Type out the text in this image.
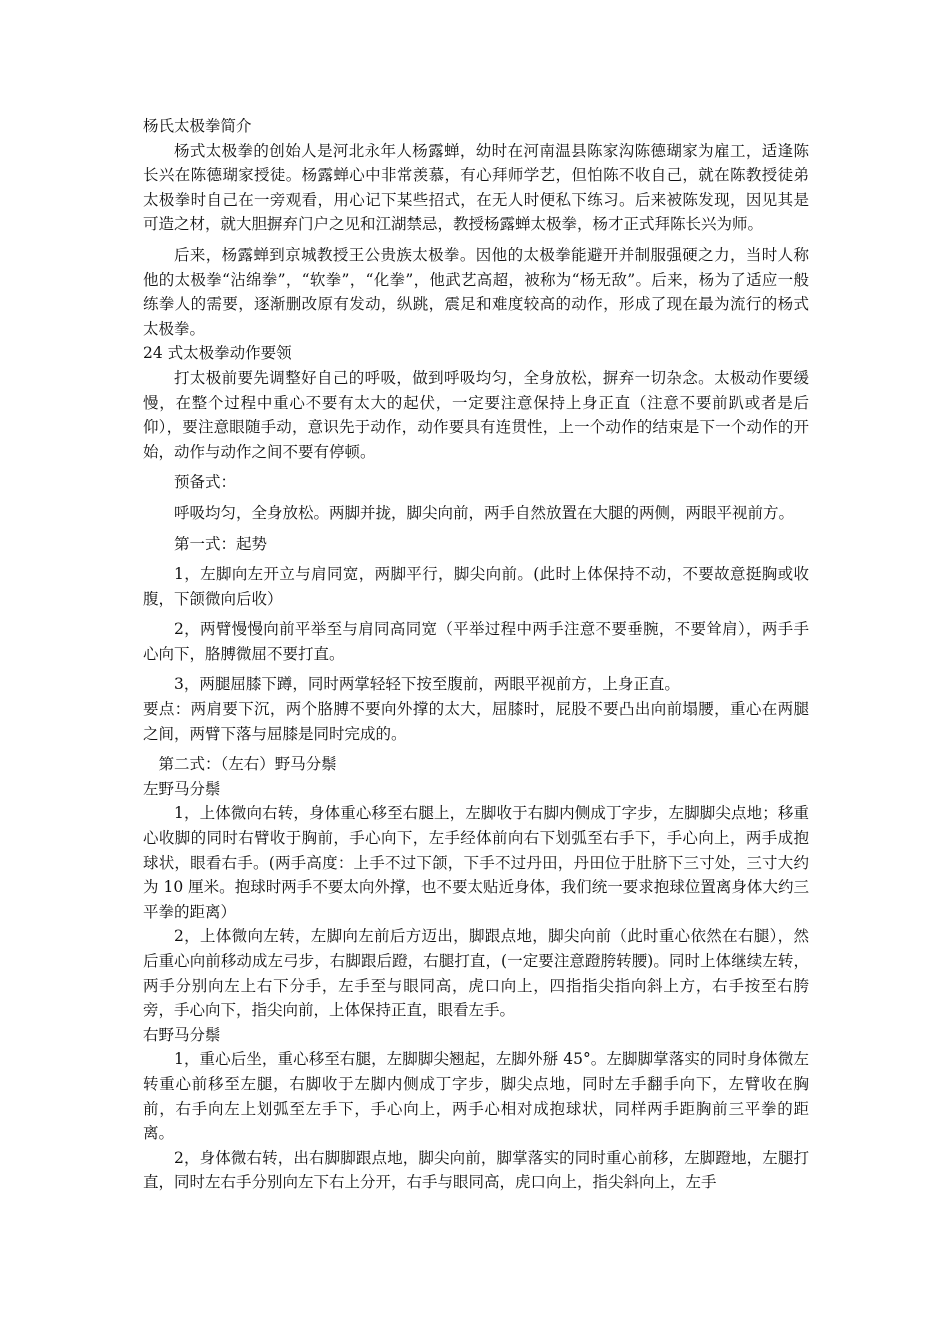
杨氏太极拳简介

杨式太极拳的创始人是河北永年人杨露蝉，幼时在河南温县陈家沟陈德瑚家为雇工，适逢陈长兴在陈德瑚家授徒。杨露蝉心中非常羡慕，有心拜师学艺，但怕陈不收自己，就在陈教授徒弟太极拳时自己在一旁观看，用心记下某些招式，在无人时便私下练习。后来被陈发现，因见其是可造之材，就大胆摒弃门户之见和江湖禁忌，教授杨露蝉太极拳，杨才正式拜陈长兴为师。

后来，杨露蝉到京城教授王公贵族太极拳。因他的太极拳能避开并制服强硬之力，当时人称他的太极拳“沾绵拳”，“软拳”，“化拳”，他武艺高超，被称为“杨无敌”。后来，杨为了适应一般练拳人的需要，逐渐删改原有发动，纵跳，震足和难度较高的动作，形成了现在最为流行的杨式太极拳。

24 式太极拳动作要领

打太极前要先调整好自己的呼吸，做到呼吸均匀，全身放松，摒弃一切杂念。太极动作要缓慢，在整个过程中重心不要有太大的起伏，一定要注意保持上身正直（注意不要前趴或者是后仰），要注意眼随手动，意识先于动作，动作要具有连贯性，上一个动作的结束是下一个动作的开始，动作与动作之间不要有停顿。

预备式：

呼吸均匀，全身放松。两脚并拢，脚尖向前，两手自然放置在大腿的两侧，两眼平视前方。

第一式：起势

1，左脚向左开立与肩同宽，两脚平行，脚尖向前。(此时上体保持不动，不要故意挺胸或收腹，下颌微向后收）

2，两臂慢慢向前平举至与肩同高同宽（平举过程中两手注意不要垂腕，不要耸肩），两手手心向下，胳膊微屈不要打直。

3，两腿屈膝下蹲，同时两掌轻轻下按至腹前，两眼平视前方，上身正直。

要点：两肩要下沉，两个胳膊不要向外撑的太大，屈膝时，屁股不要凸出向前塌腰，重心在两腿之间，两臂下落与屈膝是同时完成的。

第二式：（左右）野马分鬃

左野马分鬃

1，上体微向右转，身体重心移至右腿上，左脚收于右脚内侧成丁字步，左脚脚尖点地；移重心收脚的同时右臂收于胸前，手心向下，左手经体前向右下划弧至右手下，手心向上，两手成抱球状，眼看右手。(两手高度：上手不过下颌，下手不过丹田，丹田位于肚脐下三寸处，三寸大约为 10 厘米。抱球时两手不要太向外撑，也不要太贴近身体，我们统一要求抱球位置离身体大约三平拳的距离）

2，上体微向左转，左脚向左前后方迈出，脚跟点地，脚尖向前（此时重心依然在右腿），然后重心向前移动成左弓步，右脚跟后蹬，右腿打直，(一定要注意蹬胯转腰)。同时上体继续左转，两手分别向左上右下分手，左手至与眼同高，虎口向上，四指指尖指向斜上方，右手按至右胯旁，手心向下，指尖向前，上体保持正直，眼看左手。

右野马分鬃

1，重心后坐，重心移至右腿，左脚脚尖翘起，左脚外掰 45°。左脚脚掌落实的同时身体微左转重心前移至左腿，右脚收于左脚内侧成丁字步，脚尖点地，同时左手翻手向下，左臂收在胸前，右手向左上划弧至左手下，手心向上，两手心相对成抱球状，同样两手距胸前三平拳的距离。

2，身体微右转，出右脚脚跟点地，脚尖向前，脚掌落实的同时重心前移，左脚蹬地，左腿打直，同时左右手分别向左下右上分开，右手与眼同高，虎口向上，指尖斜向上，左手
